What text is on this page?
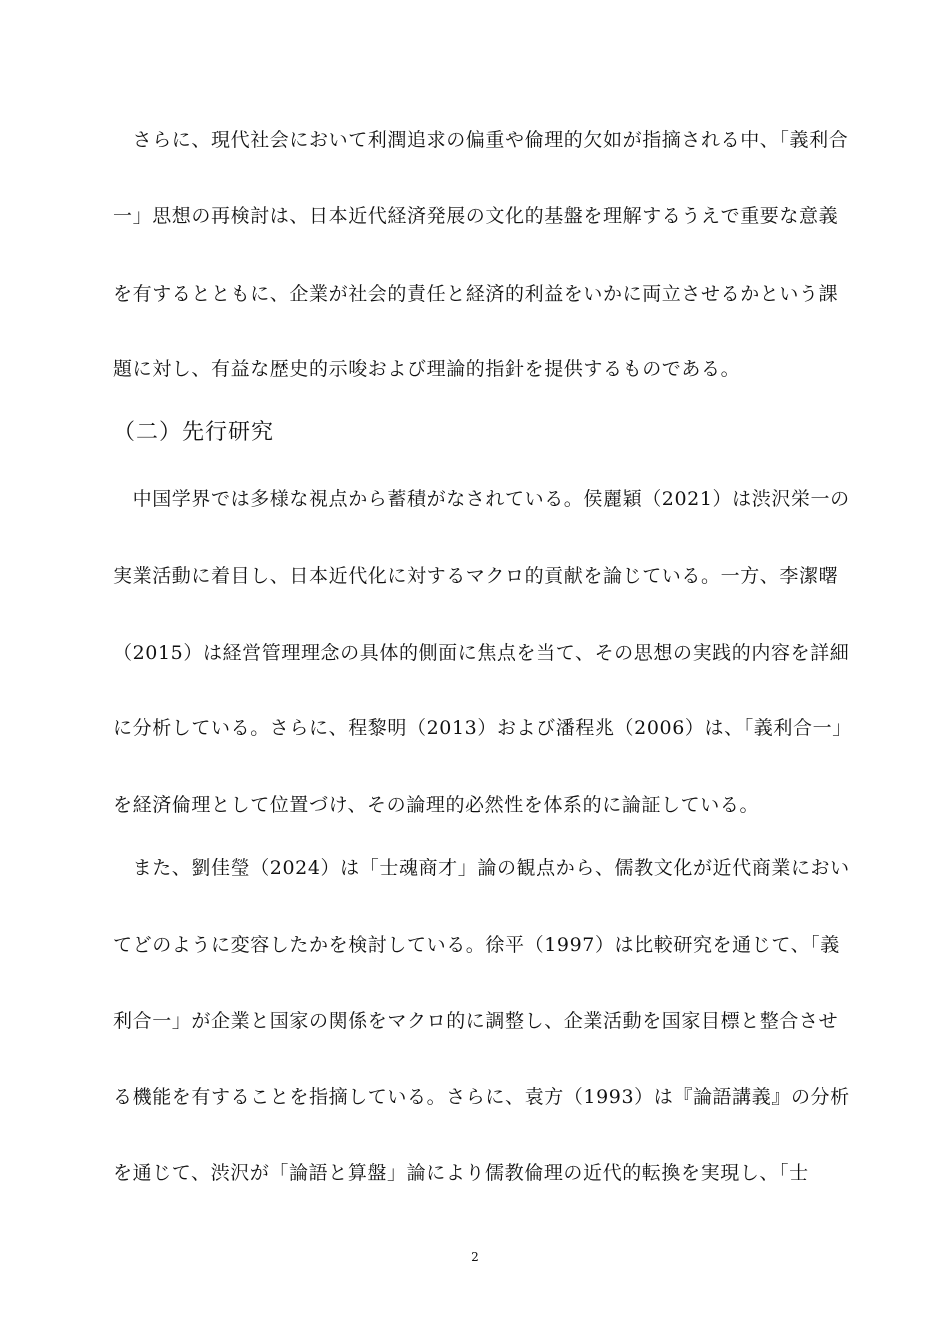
　さらに、現代社会において利潤追求の偏重や倫理的欠如が指摘される中、「義利合
一」思想の再検討は、日本近代経済発展の文化的基盤を理解するうえで重要な意義
を有するとともに、企業が社会的責任と経済的利益をいかに両立させるかという課
題に対し、有益な歴史的示唆および理論的指針を提供するものである。
（二）先行研究
　中国学界では多様な視点から蓄積がなされている。侯麗穎（2021）は渋沢栄一の
実業活動に着目し、日本近代化に対するマクロ的貢献を論じている。一方、李潔曙
（2015）は経営管理理念の具体的側面に焦点を当て、その思想の実践的内容を詳細
に分析している。さらに、程黎明（2013）および潘程兆（2006）は、「義利合一」
を経済倫理として位置づけ、その論理的必然性を体系的に論証している。
　また、劉佳瑩（2024）は「士魂商才」論の観点から、儒教文化が近代商業におい
てどのように変容したかを検討している。徐平（1997）は比較研究を通じて、「義
利合一」が企業と国家の関係をマクロ的に調整し、企業活動を国家目標と整合させ
る機能を有することを指摘している。さらに、袁方（1993）は『論語講義』の分析
を通じて、渋沢が「論語と算盤」論により儒教倫理の近代的転換を実現し、「士
2
